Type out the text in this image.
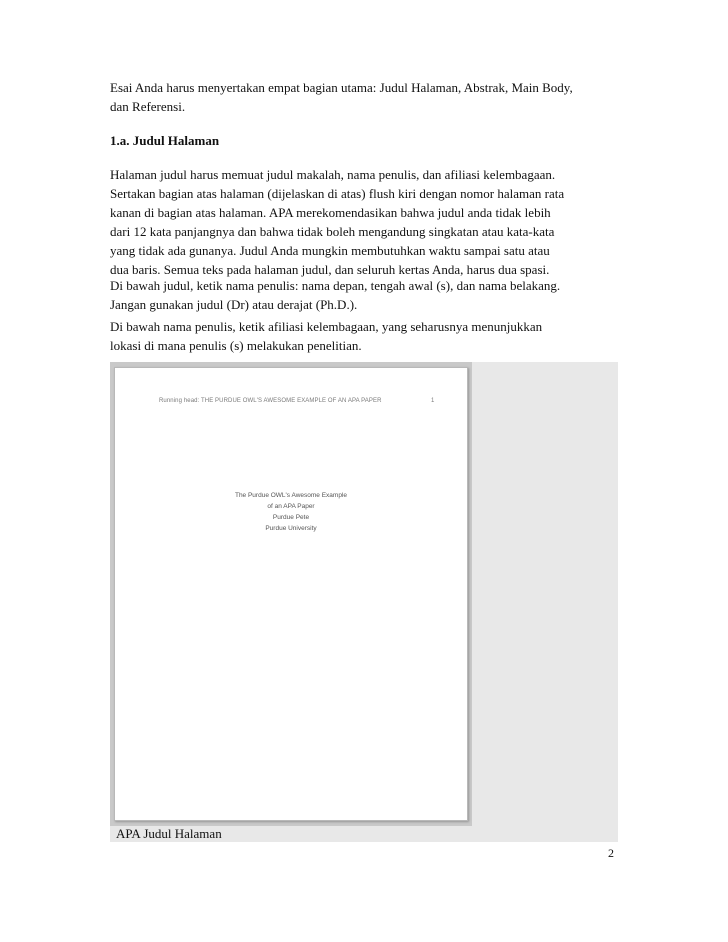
Esai Anda harus menyertakan empat bagian utama: Judul Halaman, Abstrak, Main Body,
dan Referensi.
1.a. Judul Halaman
Halaman judul harus memuat judul makalah, nama penulis, dan afiliasi kelembagaan.
Sertakan bagian atas halaman (dijelaskan di atas) flush kiri dengan nomor halaman rata
kanan di bagian atas halaman. APA merekomendasikan bahwa judul anda tidak lebih
dari 12 kata panjangnya dan bahwa tidak boleh mengandung singkatan atau kata-kata
yang tidak ada gunanya. Judul Anda mungkin membutuhkan waktu sampai satu atau
dua baris. Semua teks pada halaman judul, dan seluruh kertas Anda, harus dua spasi.
Di bawah judul, ketik nama penulis: nama depan, tengah awal (s), dan nama belakang.
Jangan gunakan judul (Dr) atau derajat (Ph.D.).
Di bawah nama penulis, ketik afiliasi kelembagaan, yang seharusnya menunjukkan
lokasi di mana penulis (s) melakukan penelitian.
Running head: THE PURDUE OWL'S AWESOME EXAMPLE OF AN APA PAPER	1
The Purdue OWL's Awesome Example
of an APA Paper
Purdue Pete
Purdue University
APA Judul Halaman
2
